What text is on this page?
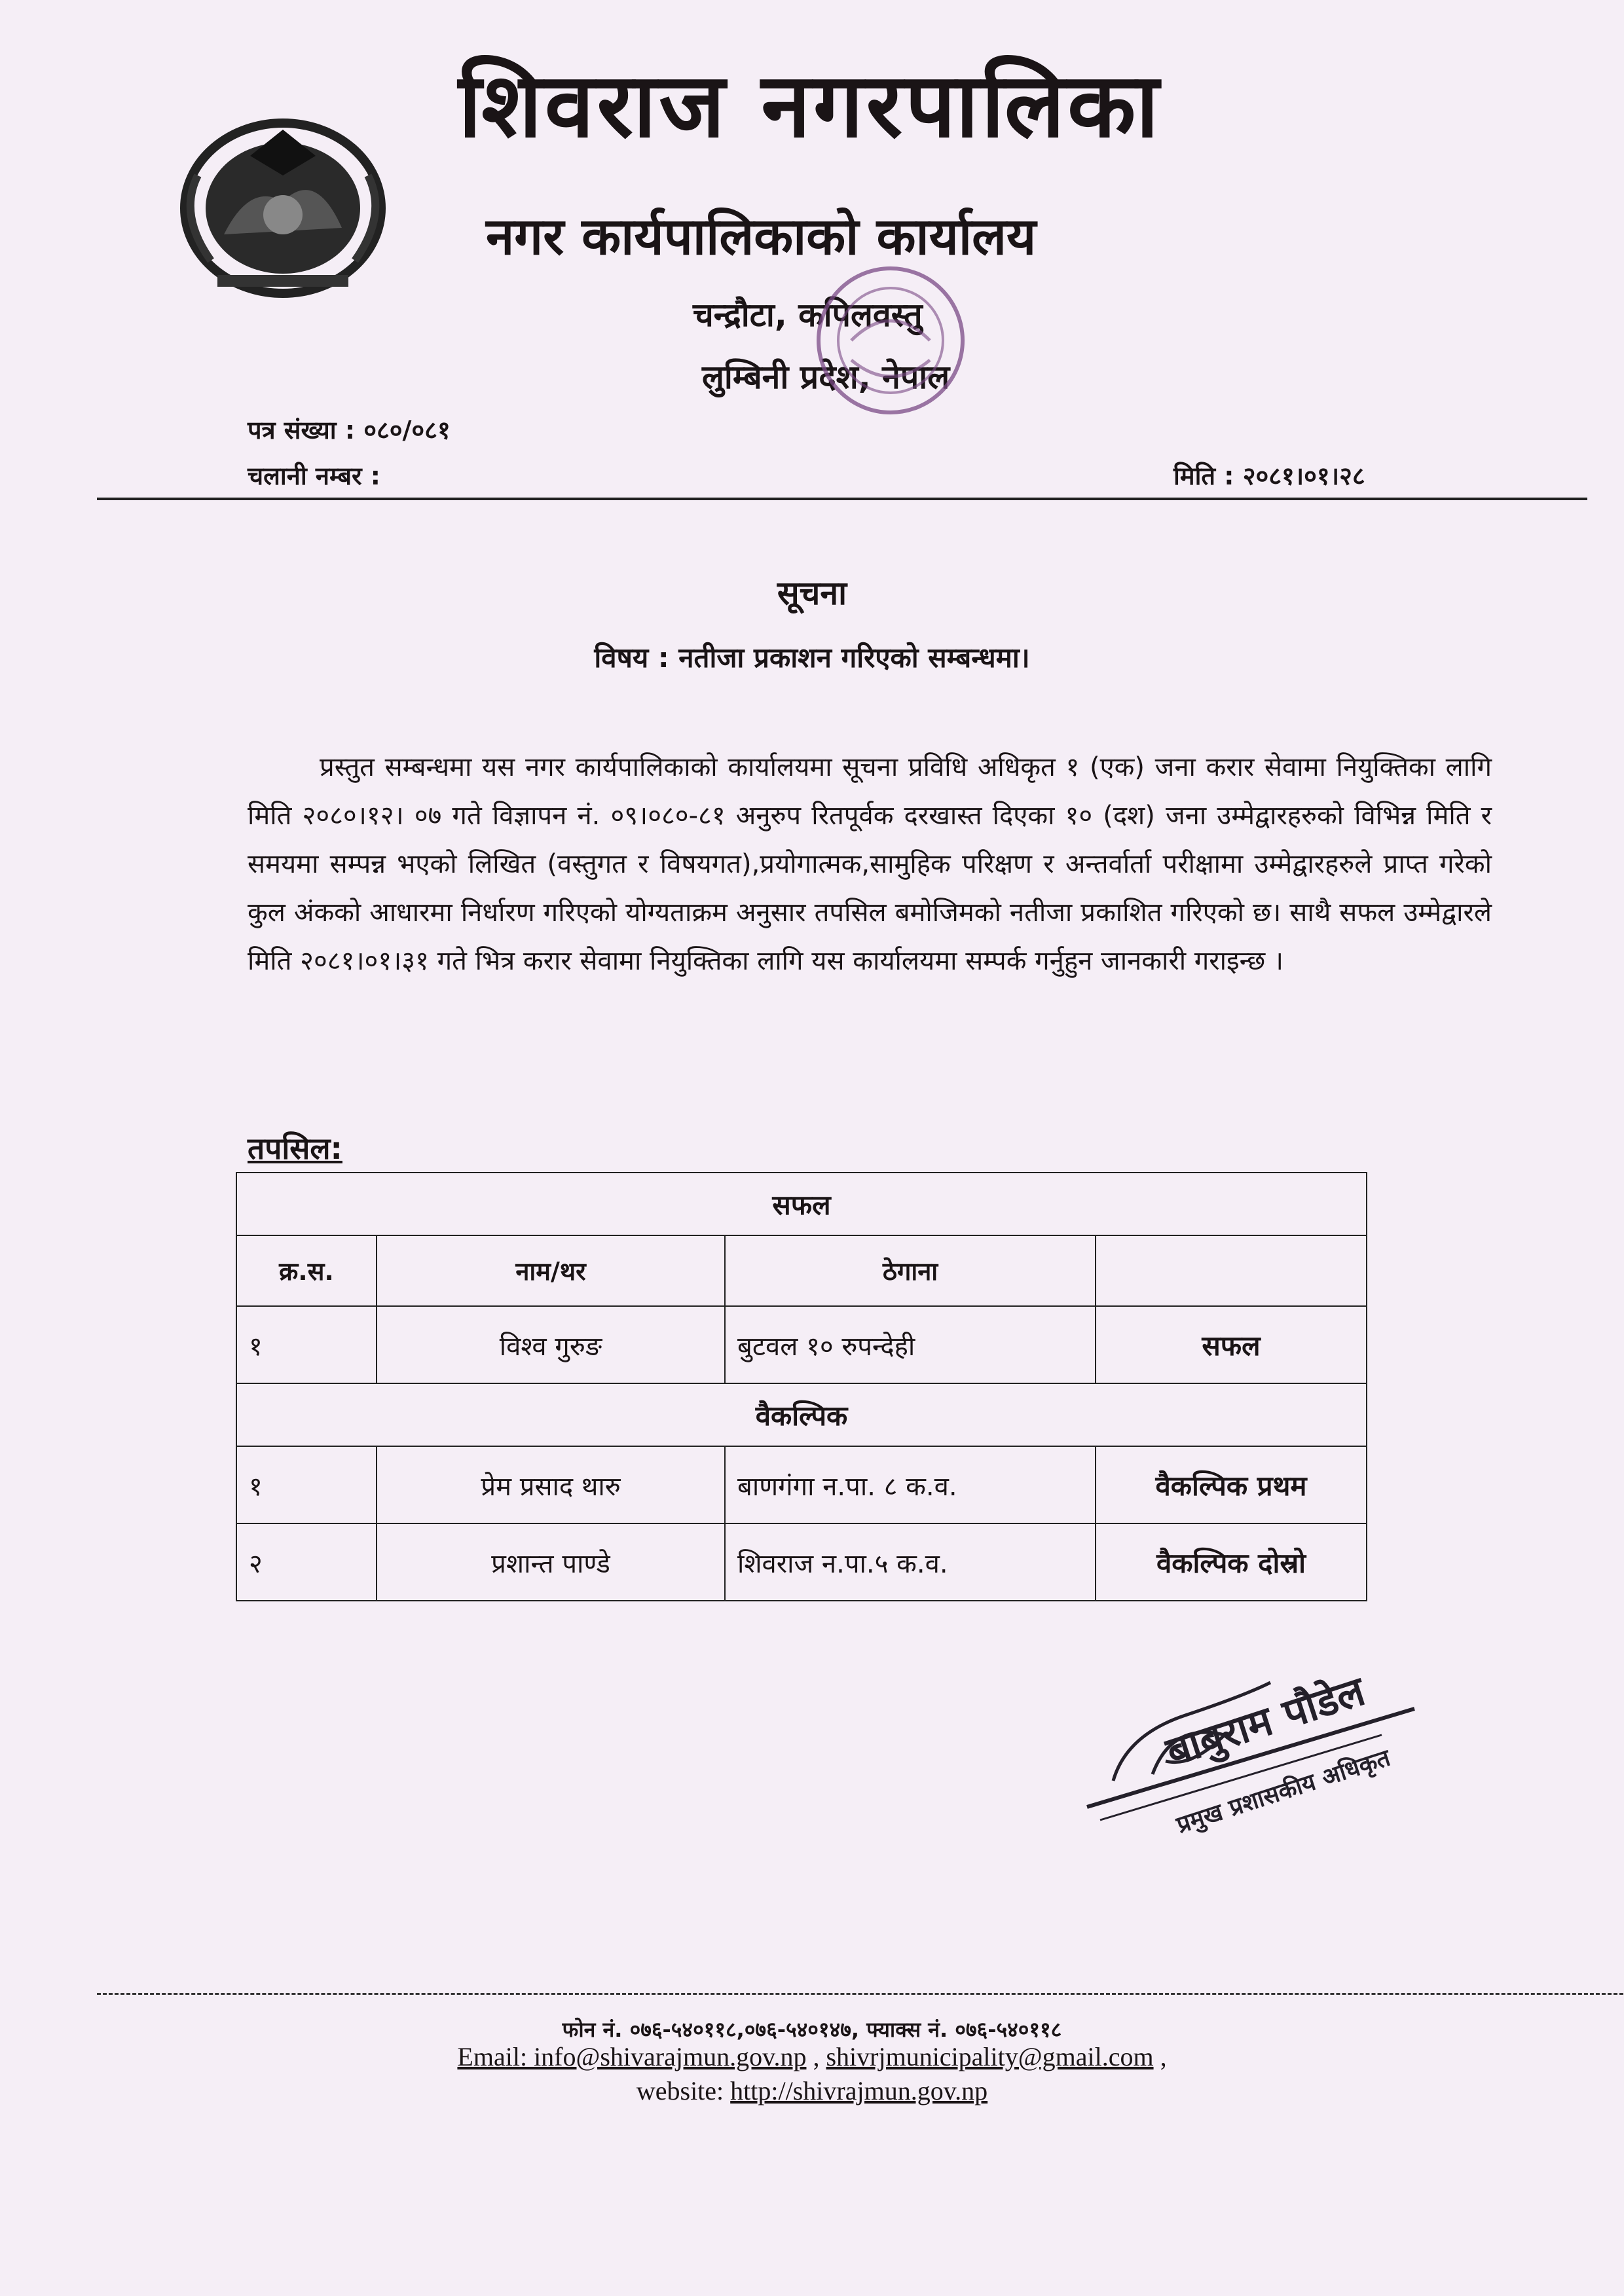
शिवराज नगरपालिका
नगर कार्यपालिकाको कार्यालय
चन्द्रौटा, कपिलवस्तु
लुम्बिनी प्रदेश, नेपाल
पत्र संख्या : ०८०/०८१
चलानी नम्बर :	मिति : २०८१।०१।२८
सूचना
विषय : नतीजा प्रकाशन गरिएको सम्बन्धमा।
प्रस्तुत सम्बन्धमा यस नगर कार्यपालिकाको कार्यालयमा सूचना प्रविधि अधिकृत १ (एक) जना करार सेवामा नियुक्तिका लागि मिति २०८०।१२। ०७ गते विज्ञापन नं. ०९।०८०-८१ अनुरुप रितपूर्वक दरखास्त दिएका १० (दश) जना उम्मेद्वारहरुको विभिन्न मिति र समयमा सम्पन्न भएको लिखित (वस्तुगत र विषयगत),प्रयोगात्मक,सामुहिक परिक्षण र अन्तर्वार्ता परीक्षामा उम्मेद्वारहरुले प्राप्त गरेको कुल अंकको आधारमा निर्धारण गरिएको योग्यताक्रम अनुसार तपसिल बमोजिमको नतीजा प्रकाशित गरिएको छ। साथै सफल उम्मेद्वारले मिति २०८१।०१।३१ गते भित्र करार सेवामा नियुक्तिका लागि यस कार्यालयमा सम्पर्क गर्नुहुन जानकारी गराइन्छ ।
तपसिल:
सफल			
क्र.स.	नाम/थर	ठेगाना	
१	विश्व गुरुङ	बुटवल १० रुपन्देही	सफल
वैकल्पिक			
१	प्रेम प्रसाद थारु	बाणगंगा न.पा. ८ क.व.	वैकल्पिक प्रथम
२	प्रशान्त पाण्डे	शिवराज न.पा.५ क.व.	वैकल्पिक दोस्रो
बाबुराम पौडेल
प्रमुख प्रशासकीय अधिकृत
फोन नं. ०७६-५४०११८,०७६-५४०१४७, फ्याक्स नं. ०७६-५४०११८
Email: info@shivarajmun.gov.np , shivrjmunicipality@gmail.com ,
website: http://shivrajmun.gov.np
